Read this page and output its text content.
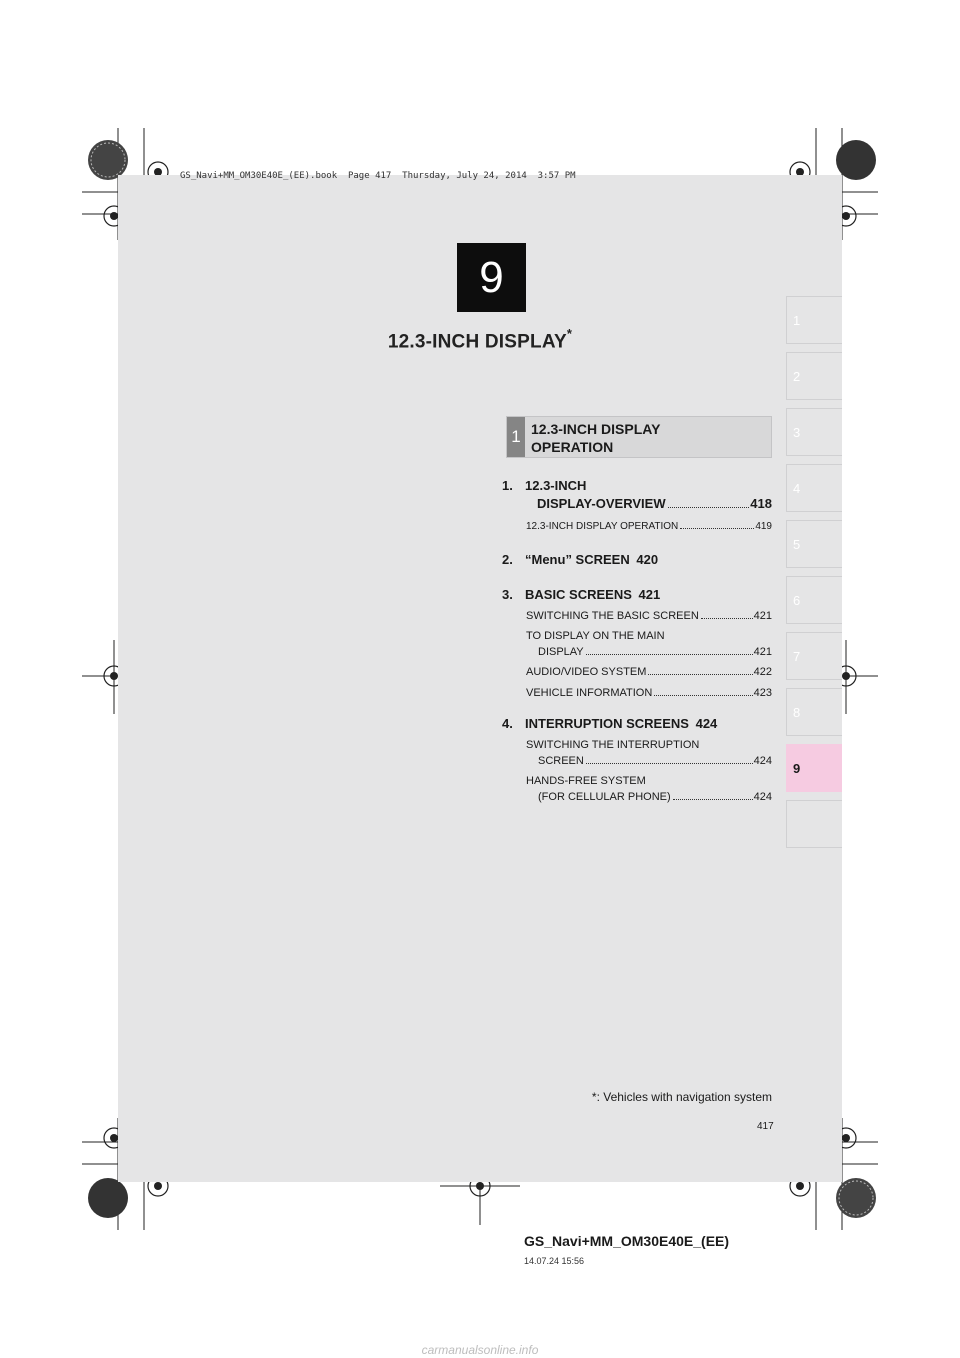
GS_Navi+MM_OM30E40E_(EE).book  Page 417  Thursday, July 24, 2014  3:57 PM
9
12.3-INCH DISPLAY*
1
2
3
4
5
6
7
8
9
1 12.3-INCH DISPLAY
OPERATION
1. 12.3-INCH
DISPLAY-OVERVIEW	418
12.3-INCH DISPLAY OPERATION	419
2. “Menu” SCREEN 420
3. BASIC SCREENS 421
SWITCHING THE BASIC SCREEN	421
TO DISPLAY ON THE MAIN
DISPLAY	421
AUDIO/VIDEO SYSTEM	422
VEHICLE INFORMATION	423
4. INTERRUPTION SCREENS 424
SWITCHING THE INTERRUPTION
SCREEN	424
HANDS-FREE SYSTEM
(FOR CELLULAR PHONE)	424
*: Vehicles with navigation system
417
GS_Navi+MM_OM30E40E_(EE)
14.07.24 15:56
carmanualsonline.info
